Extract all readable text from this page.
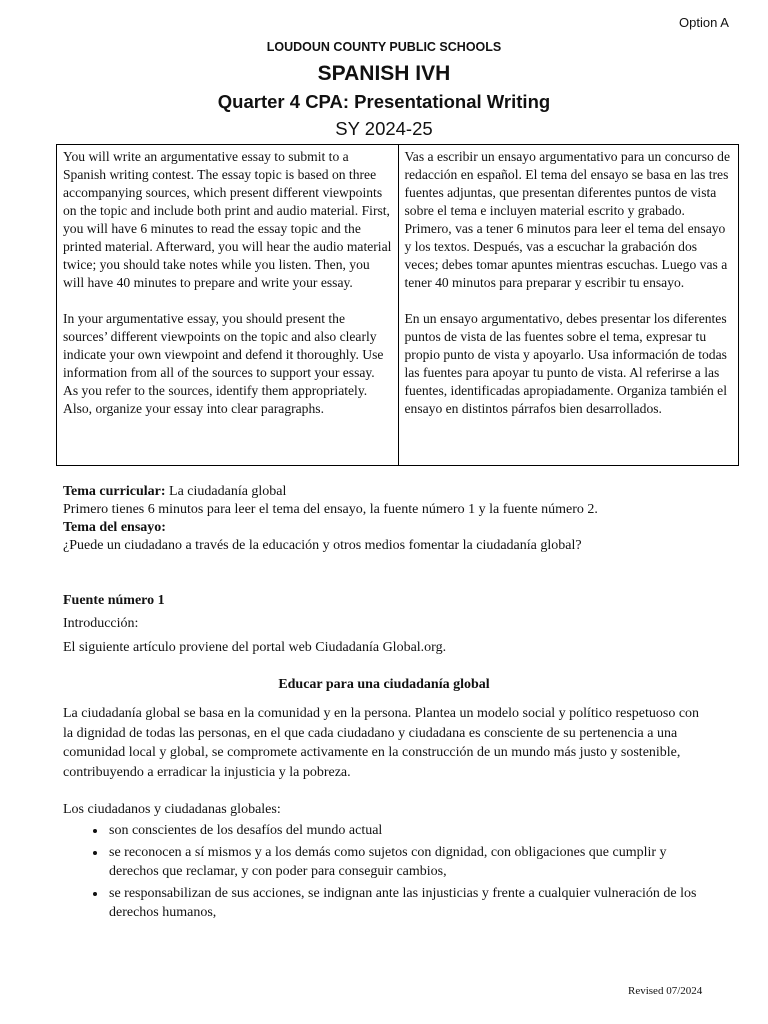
Option A
LOUDOUN COUNTY PUBLIC SCHOOLS
SPANISH IVH
Quarter 4 CPA: Presentational Writing
SY 2024-25

You will write an argumentative essay to submit to a Spanish writing contest. The essay topic is based on three accompanying sources, which present different viewpoints on the topic and include both print and audio material. First, you will have 6 minutes to read the essay topic and the printed material. Afterward, you will hear the audio material twice; you should take notes while you listen. Then, you will have 40 minutes to prepare and write your essay.

In your argumentative essay, you should present the sources’ different viewpoints on the topic and also clearly indicate your own viewpoint and defend it thoroughly. Use information from all of the sources to support your essay. As you refer to the sources, identify them appropriately. Also, organize your essay into clear paragraphs.

Vas a escribir un ensayo argumentativo para un concurso de redacción en español. El tema del ensayo se basa en las tres fuentes adjuntas, que presentan diferentes puntos de vista sobre el tema e incluyen material escrito y grabado. Primero, vas a tener 6 minutos para leer el tema del ensayo y los textos. Después, vas a escuchar la grabación dos veces; debes tomar apuntes mientras escuchas. Luego vas a tener 40 minutos para preparar y escribir tu ensayo.

En un ensayo argumentativo, debes presentar los diferentes puntos de vista de las fuentes sobre el tema, expresar tu propio punto de vista y apoyarlo. Usa información de todas las fuentes para apoyar tu punto de vista. Al referirse a las fuentes, identificadas apropiadamente. Organiza también el ensayo en distintos párrafos bien desarrollados.

Tema curricular: La ciudadanía global
Primero tienes 6 minutos para leer el tema del ensayo, la fuente número 1 y la fuente número 2.
Tema del ensayo:
¿Puede un ciudadano a través de la educación y otros medios fomentar la ciudadanía global?
Fuente número 1
Introducción:
El siguiente artículo proviene del portal web Ciudadanía Global.org.
Educar para una ciudadanía global
La ciudadanía global se basa en la comunidad y en la persona. Plantea un modelo social y político respetuoso con la dignidad de todas las personas, en el que cada ciudadano y ciudadana es consciente de su pertenencia a una comunidad local y global, se compromete activamente en la construcción de un mundo más justo y sostenible, contribuyendo a erradicar la injusticia y la pobreza.
Los ciudadanos y ciudadanas globales:
• son conscientes de los desafíos del mundo actual
• se reconocen a sí mismos y a los demás como sujetos con dignidad, con obligaciones que cumplir y derechos que reclamar, y con poder para conseguir cambios,
• se responsabilizan de sus acciones, se indignan ante las injusticias y frente a cualquier vulneración de los derechos humanos,
Revised 07/2024
